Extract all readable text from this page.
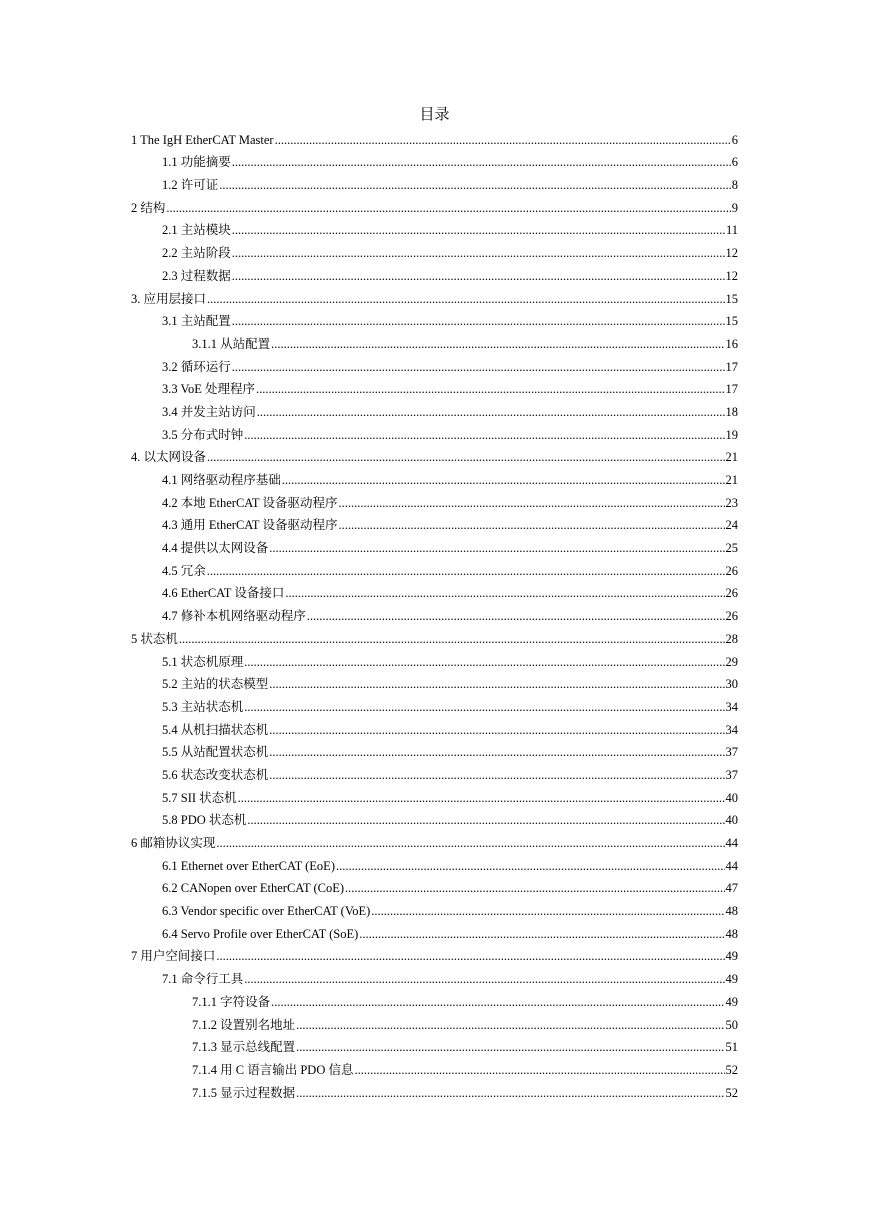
目录
1 The IgH EtherCAT Master .....	6
1.1 功能摘要 .....	6
1.2 许可证 .....	8
2 结构 .....	9
2.1 主站模块 .....	11
2.2 主站阶段 .....	12
2.3 过程数据 .....	12
3. 应用层接口 .....	15
3.1 主站配置 .....	15
3.1.1 从站配置 .....	16
3.2 循环运行 .....	17
3.3 VoE 处理程序 .....	17
3.4 并发主站访问 .....	18
3.5 分布式时钟 .....	19
4. 以太网设备 .....	21
4.1 网络驱动程序基础 .....	21
4.2 本地 EtherCAT 设备驱动程序 .....	23
4.3 通用 EtherCAT 设备驱动程序 .....	24
4.4 提供以太网设备 .....	25
4.5 冗余 .....	26
4.6 EtherCAT 设备接口 .....	26
4.7 修补本机网络驱动程序 .....	26
5 状态机 .....	28
5.1 状态机原理 .....	29
5.2 主站的状态模型 .....	30
5.3 主站状态机 .....	34
5.4 从机扫描状态机 .....	34
5.5 从站配置状态机 .....	37
5.6 状态改变状态机 .....	37
5.7 SII 状态机 .....	40
5.8 PDO 状态机 .....	40
6 邮箱协议实现 .....	44
6.1 Ethernet over EtherCAT (EoE) .....	44
6.2 CANopen over EtherCAT (CoE) .....	47
6.3 Vendor specific over EtherCAT (VoE) .....	48
6.4 Servo Profile over EtherCAT (SoE) .....	48
7 用户空间接口 .....	49
7.1 命令行工具 .....	49
7.1.1 字符设备 .....	49
7.1.2 设置别名地址 .....	50
7.1.3 显示总线配置 .....	51
7.1.4 用 C 语言输出 PDO 信息 .....	52
7.1.5 显示过程数据 .....	52
